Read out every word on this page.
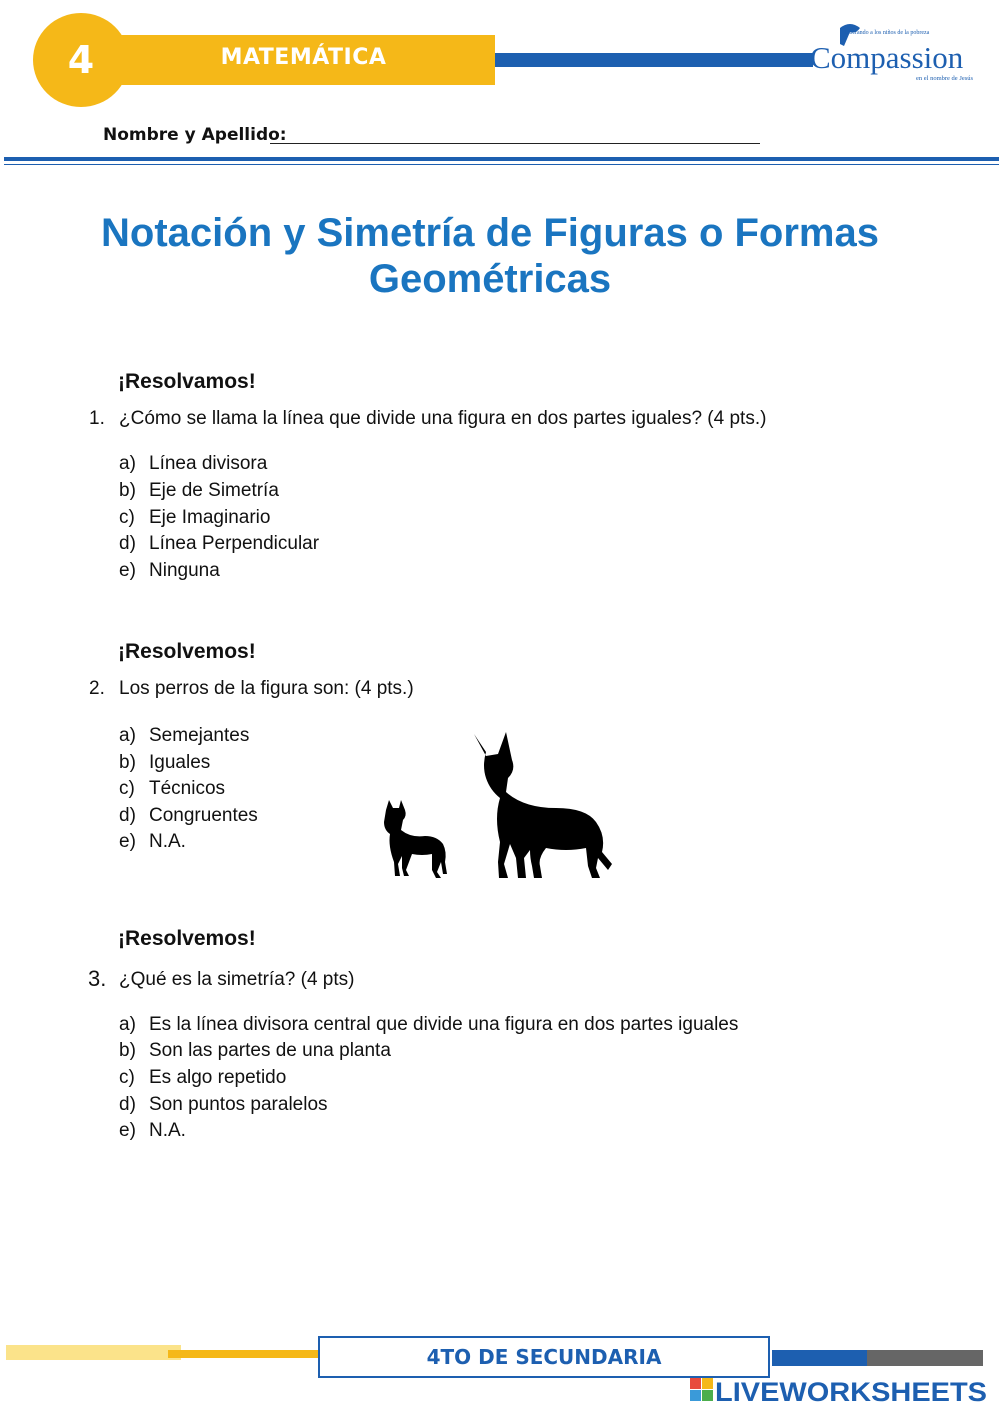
4	MATEMÁTICA
Liberando a los niños de la pobreza
Compassion
en el nombre de Jesús
Nombre y Apellido:
Notación y Simetría de Figuras o Formas
Geométricas
¡Resolvamos!
1. ¿Cómo se llama la línea que divide una figura en dos partes iguales? (4 pts.)
a) Línea divisora
b) Eje de Simetría
c) Eje Imaginario
d) Línea Perpendicular
e) Ninguna
¡Resolvemos!
2. Los perros de la figura son: (4 pts.)
a) Semejantes
b) Iguales
c) Técnicos
d) Congruentes
e) N.A.
¡Resolvemos!
3. ¿Qué es la simetría? (4 pts)
a) Es la línea divisora central que divide una figura en dos partes iguales
b) Son las partes de una planta
c) Es algo repetido
d) Son puntos paralelos
e) N.A.
4TO DE SECUNDARIA
LIVEWORKSHEETS
